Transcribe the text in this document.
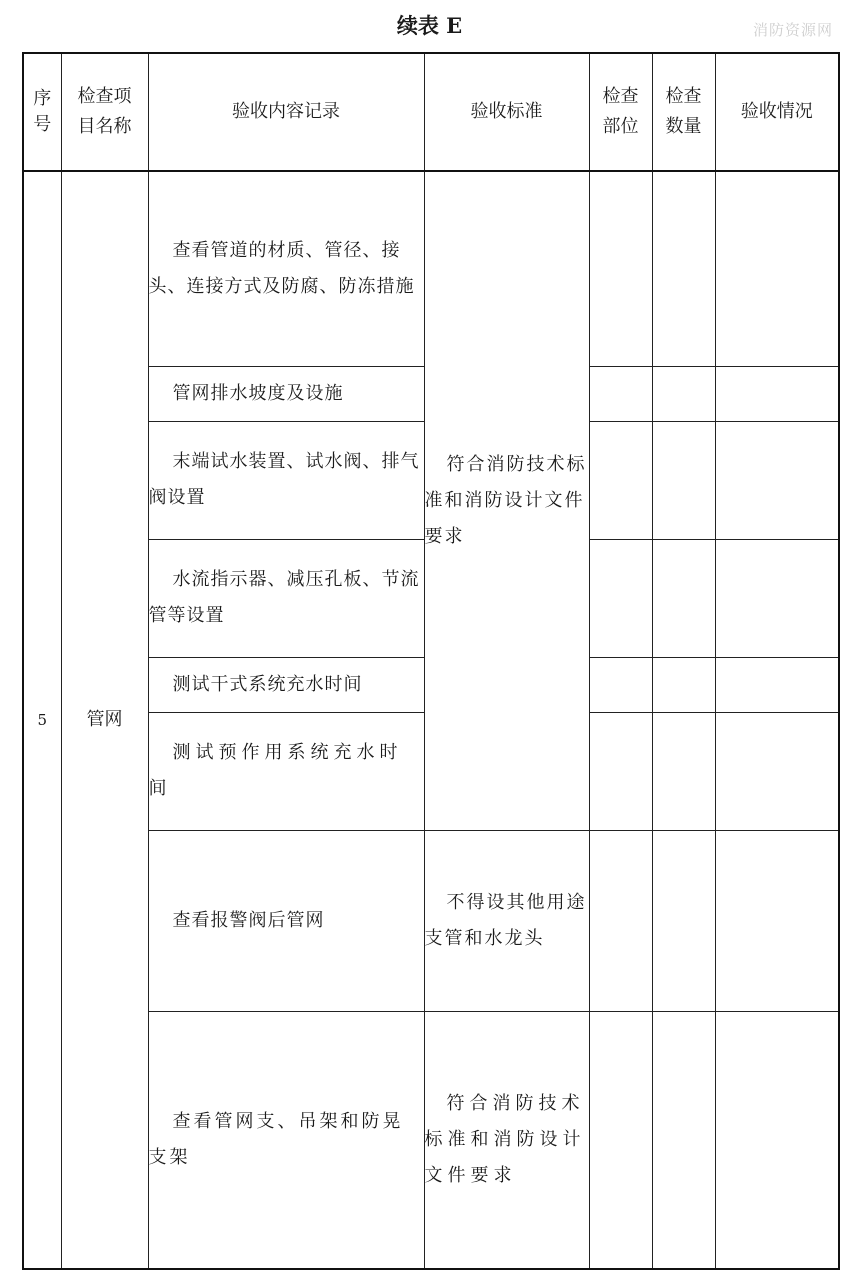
续表 E	消防资源网
序号	检查项目名称	验收内容记录	验收标准	检查部位	检查数量	验收情况
5	管网	查看管道的材质、管径、接头、连接方式及防腐、防冻措施	符合消防技术标准和消防设计文件要求			
		管网排水坡度及设施				
		末端试水装置、试水阀、排气阀设置				
		水流指示器、减压孔板、节流管等设置				
		测试干式系统充水时间				
		测试预作用系统充水时间				
		查看报警阀后管网	不得设其他用途支管和水龙头			
		查看管网支、吊架和防晃支架	符合消防技术标准和消防设计文件要求			
